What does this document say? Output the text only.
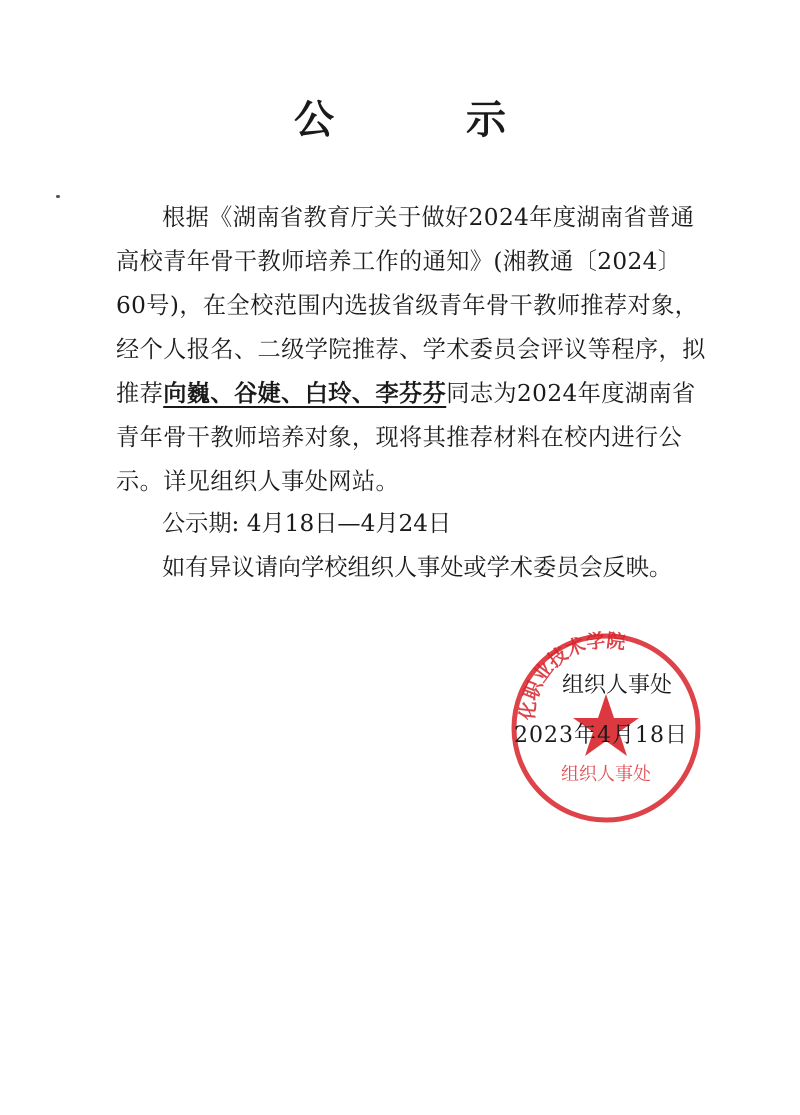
公　示

根据《湖南省教育厅关于做好2024年度湖南省普通高校青年骨干教师培养工作的通知》(湘教通〔2024〕60号)，在全校范围内选拔省级青年骨干教师推荐对象，经个人报名、二级学院推荐、学术委员会评议等程序，拟推荐向巍、谷婕、白玲、李芬芬同志为2024年度湖南省青年骨干教师培养对象，现将其推荐材料在校内进行公示。详见组织人事处网站。

公示期: 4月18日—4月24日
如有异议请向学校组织人事处或学术委员会反映。
化职业技术学院
组织人事处
组织人事处
2023年4月18日
